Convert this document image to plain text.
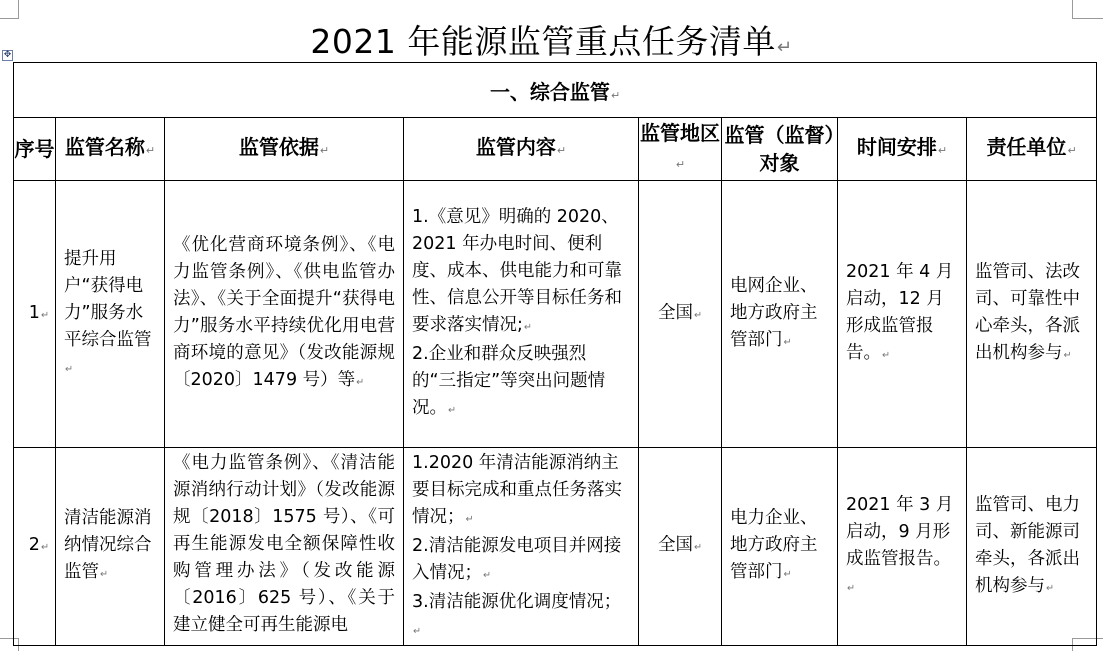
2021 年能源监管重点任务清单↵
✥
一、综合监管↵							
序号	监管名称↵	监管依据↵	监管内容↵	监管地区↵	监管（监督）对象	时间安排↵	责任单位↵
1↵	提升用户“获得电力”服务水平综合监管↵	《优化营商环境条例》、《电力监管条例》、《供电监管办法》、《关于全面提升“获得电力”服务水平持续优化用电营商环境的意见》（发改能源规〔2020〕1479 号）等↵	1.《意见》明确的 2020、2021 年办电时间、便利度、成本、供电能力和可靠性、信息公开等目标任务和要求落实情况;↵
2.企业和群众反映强烈的“三指定”等突出问题情况。↵	全国↵	电网企业、地方政府主管部门↵	2021 年 4 月启动，12 月形成监管报告。↵	监管司、法改司、可靠性中心牵头，各派出机构参与↵
2↵	清洁能源消纳情况综合监管↵	《电力监管条例》、《清洁能源消纳行动计划》（发改能源规〔2018〕1575 号）、《可再生能源发电全额保障性收购管理办法》（发改能源〔2016〕625 号）、《关于建立健全可再生能源电	1.2020 年清洁能源消纳主要目标完成和重点任务落实情况；↵
2.清洁能源发电项目并网接入情况；↵
3.清洁能源优化调度情况；↵	全国↵	电力企业、地方政府主管部门↵	2021 年 3 月启动，9 月形成监管报告。↵	监管司、电力司、新能源司牵头，各派出机构参与↵
